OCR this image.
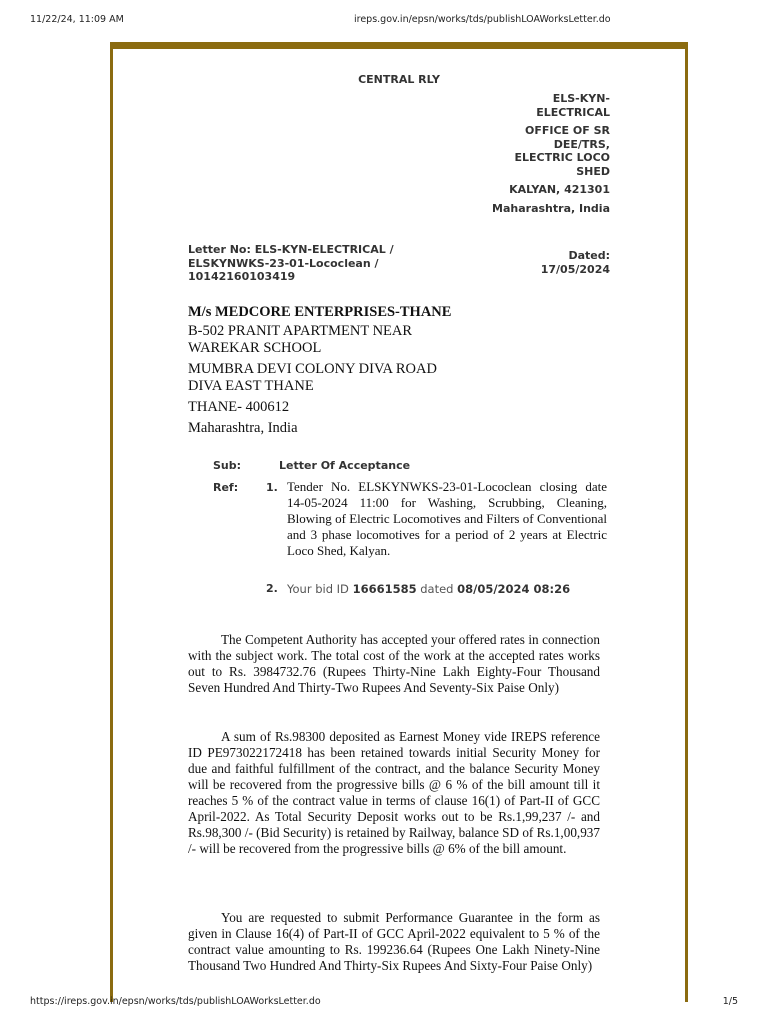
11/22/24, 11:09 AM	ireps.gov.in/epsn/works/tds/publishLOAWorksLetter.do
CENTRAL RLY
ELS-KYN-
ELECTRICAL
OFFICE OF SR
DEE/TRS,
ELECTRIC LOCO
SHED
KALYAN, 421301
Maharashtra, India
Letter No: ELS-KYN-ELECTRICAL /
ELSKYNWKS-23-01-Lococlean /
10142160103419
Dated:
17/05/2024
M/s MEDCORE ENTERPRISES-THANE
B-502 PRANIT APARTMENT NEAR
WAREKAR SCHOOL
MUMBRA DEVI COLONY DIVA ROAD
DIVA EAST THANE
THANE- 400612
Maharashtra, India
Sub:	Letter Of Acceptance
Ref:	1. Tender No. ELSKYNWKS-23-01-Lococlean closing date 14-05-2024 11:00 for Washing, Scrubbing, Cleaning, Blowing of Electric Locomotives and Filters of Conventional and 3 phase locomotives for a period of 2 years at Electric Loco Shed, Kalyan.
2. Your bid ID 16661585 dated 08/05/2024 08:26

The Competent Authority has accepted your offered rates in connection with the subject work. The total cost of the work at the accepted rates works out to Rs. 3984732.76 (Rupees Thirty-Nine Lakh Eighty-Four Thousand Seven Hundred And Thirty-Two Rupees And Seventy-Six Paise Only)

A sum of Rs.98300 deposited as Earnest Money vide IREPS reference ID PE973022172418 has been retained towards initial Security Money for due and faithful fulfillment of the contract, and the balance Security Money will be recovered from the progressive bills @ 6 % of the bill amount till it reaches 5 % of the contract value in terms of clause 16(1) of Part-II of GCC April-2022. As Total Security Deposit works out to be Rs.1,99,237 /- and Rs.98,300 /- (Bid Security) is retained by Railway, balance SD of Rs.1,00,937 /- will be recovered from the progressive bills @ 6% of the bill amount.

You are requested to submit Performance Guarantee in the form as given in Clause 16(4) of Part-II of GCC April-2022 equivalent to 5 % of the contract value amounting to Rs. 199236.64 (Rupees One Lakh Ninety-Nine Thousand Two Hundred And Thirty-Six Rupees And Sixty-Four Paise Only)

https://ireps.gov.in/epsn/works/tds/publishLOAWorksLetter.do	1/5
